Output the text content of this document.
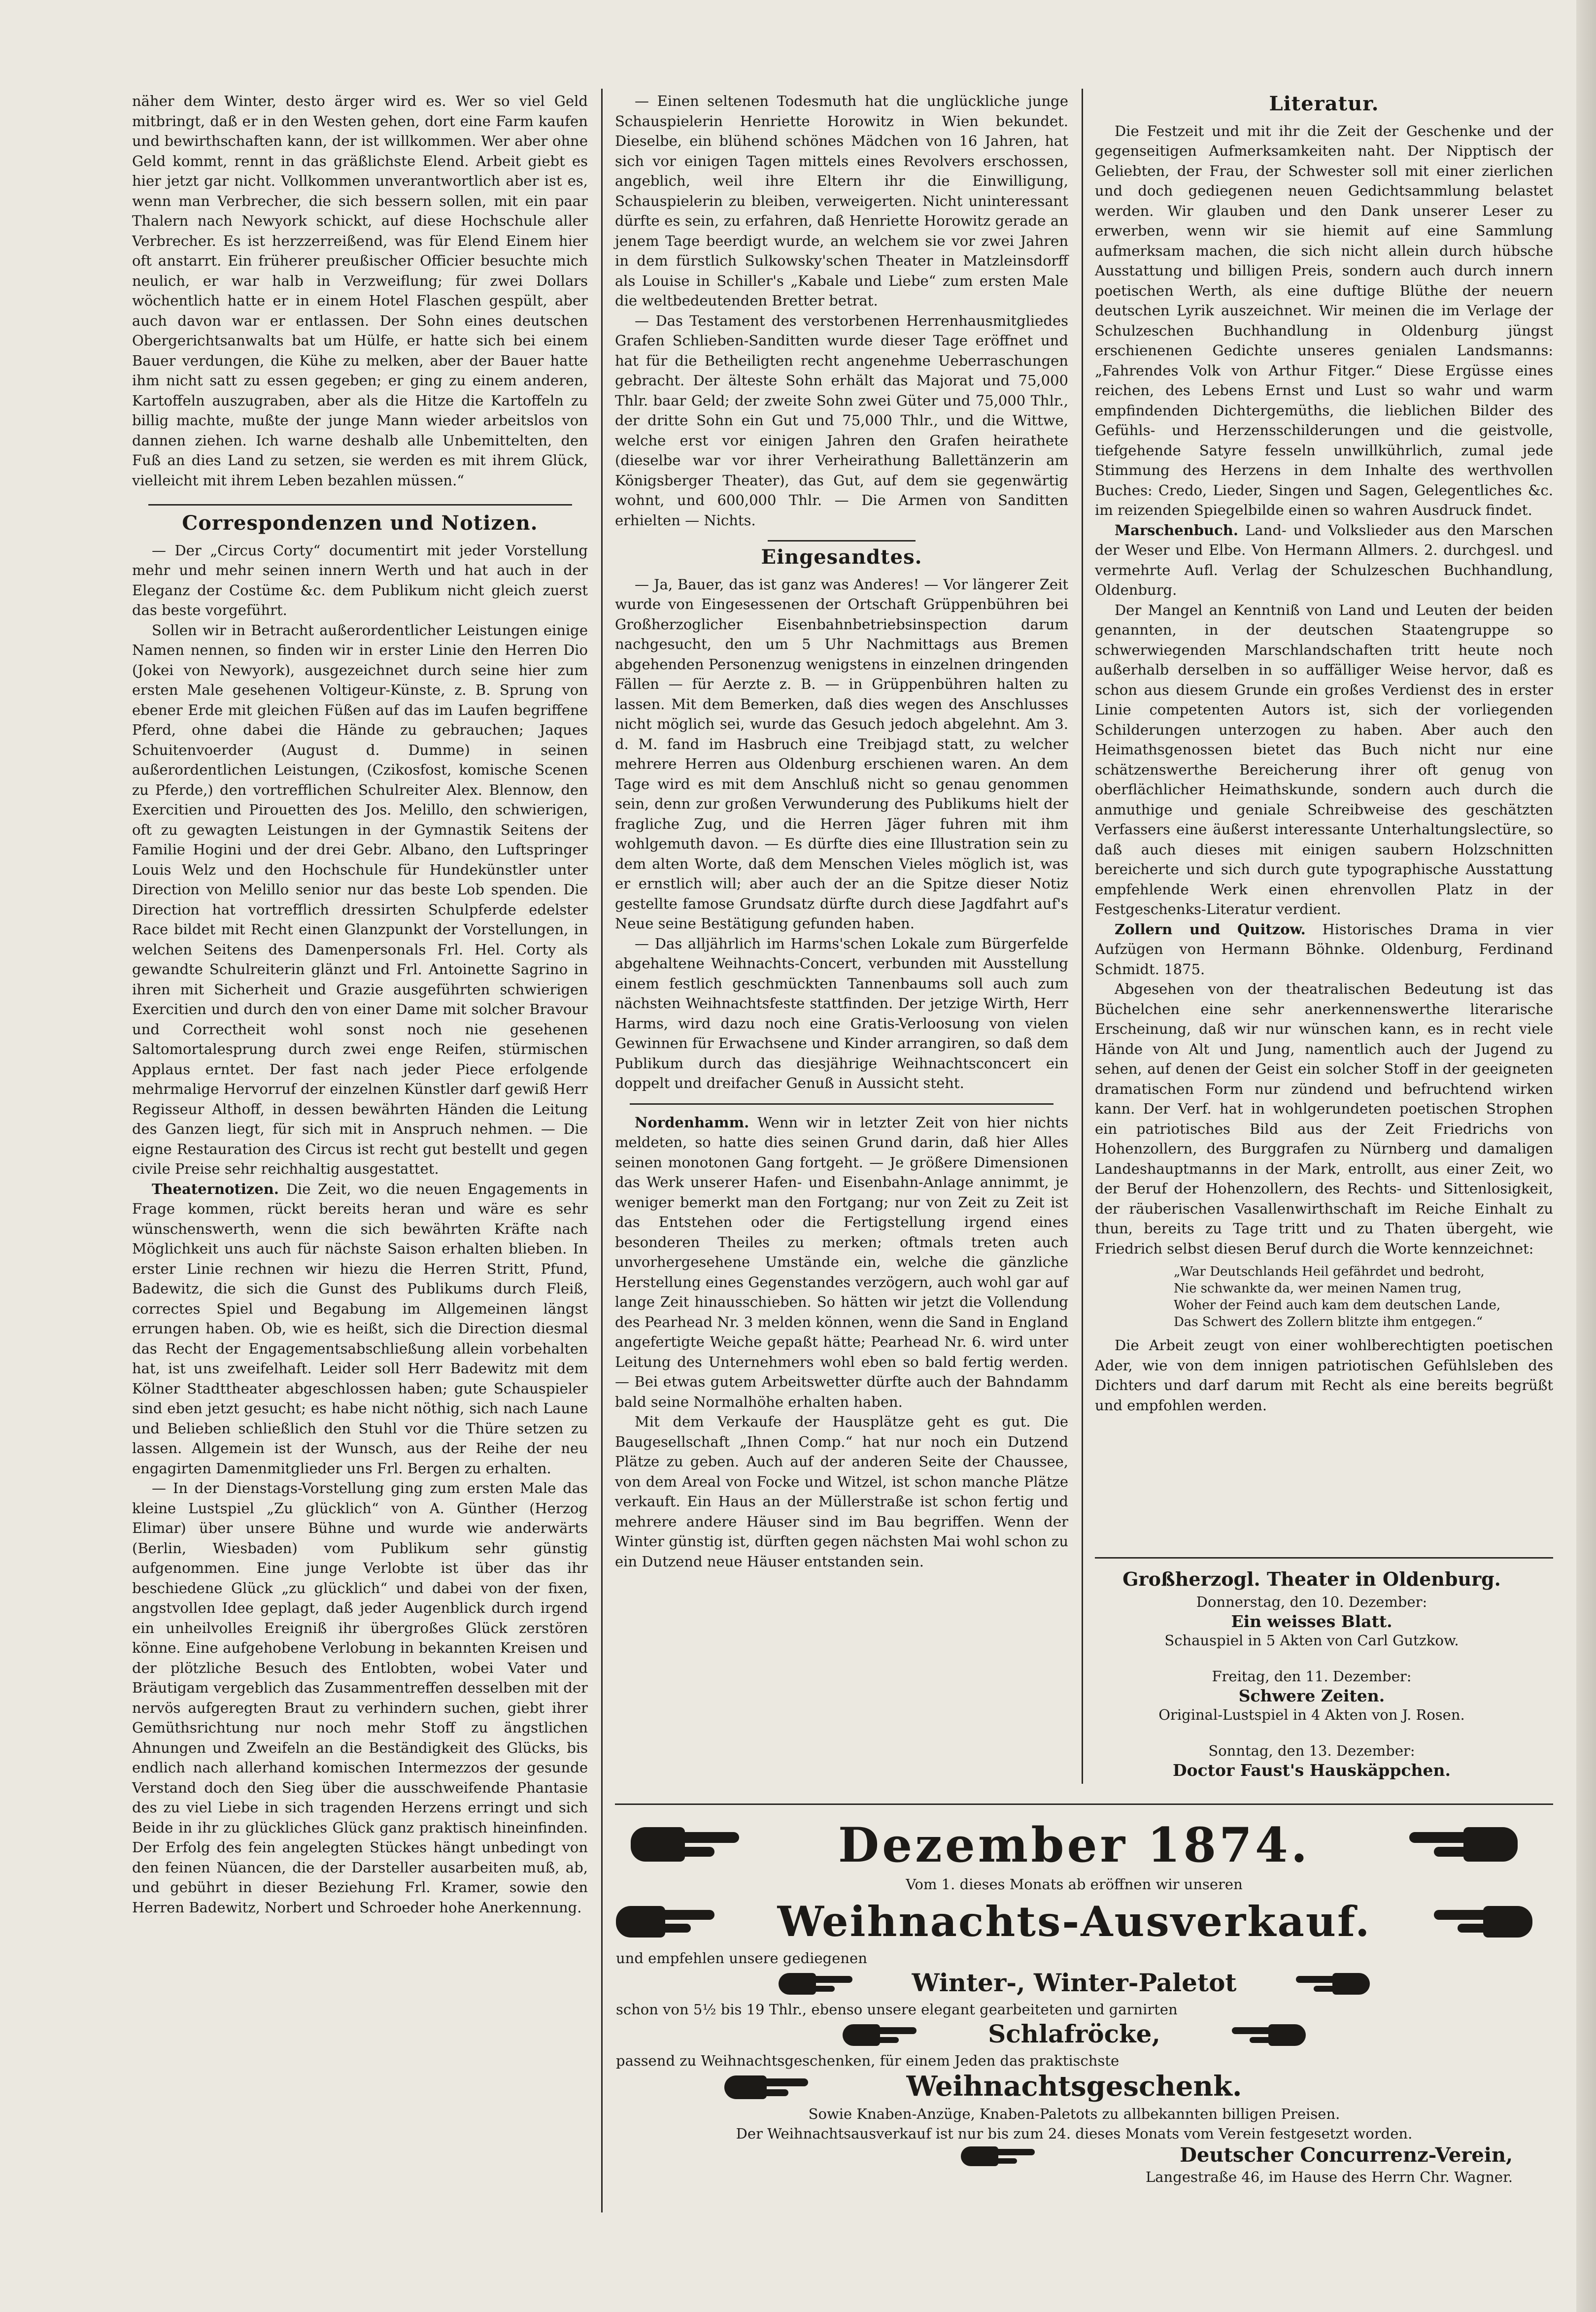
näher dem Winter, desto ärger wird es. Wer so viel Geld mitbringt, daß er in den Westen gehen, dort eine Farm kaufen und bewirthschaften kann, der ist willkommen. Wer aber ohne Geld kommt, rennt in das gräßlichste Elend. Arbeit giebt es hier jetzt gar nicht. Vollkommen unverantwortlich aber ist es, wenn man Verbrecher, die sich bessern sollen, mit ein paar Thalern nach Newyork schickt, auf diese Hochschule aller Verbrecher. Es ist herzzerreißend, was für Elend Einem hier oft anstarrt. Ein früherer preußischer Officier besuchte mich neulich, er war halb in Verzweiflung; für zwei Dollars wöchentlich hatte er in einem Hotel Flaschen gespült, aber auch davon war er entlassen. Der Sohn eines deutschen Obergerichtsanwalts bat um Hülfe, er hatte sich bei einem Bauer verdungen, die Kühe zu melken, aber der Bauer hatte ihm nicht satt zu essen gegeben; er ging zu einem anderen, Kartoffeln auszugraben, aber als die Hitze die Kartoffeln zu billig machte, mußte der junge Mann wieder arbeitslos von dannen ziehen. Ich warne deshalb alle Unbemittelten, den Fuß an dies Land zu setzen, sie werden es mit ihrem Glück, vielleicht mit ihrem Leben bezahlen müssen.“

Correspondenzen und Notizen.

— Der „Circus Corty“ documentirt mit jeder Vorstellung mehr und mehr seinen innern Werth und hat auch in der Eleganz der Costüme &c. dem Publikum nicht gleich zuerst das beste vorgeführt.

Sollen wir in Betracht außerordentlicher Leistungen einige Namen nennen, so finden wir in erster Linie den Herren Dio (Jokei von Newyork), ausgezeichnet durch seine hier zum ersten Male gesehenen Voltigeur-Künste, z. B. Sprung von ebener Erde mit gleichen Füßen auf das im Laufen begriffene Pferd, ohne dabei die Hände zu gebrauchen; Jaques Schuitenvoerder (August d. Dumme) in seinen außerordentlichen Leistungen, (Czikosfost, komische Scenen zu Pferde,) den vortrefflichen Schulreiter Alex. Blennow, den Exercitien und Pirouetten des Jos. Melillo, den schwierigen, oft zu gewagten Leistungen in der Gymnastik Seitens der Familie Hogini und der drei Gebr. Albano, den Luftspringer Louis Welz und den Hochschule für Hundekünstler unter Direction von Melillo senior nur das beste Lob spenden. Die Direction hat vortrefflich dressirten Schulpferde edelster Race bildet mit Recht einen Glanzpunkt der Vorstellungen, in welchen Seitens des Damenpersonals Frl. Hel. Corty als gewandte Schulreiterin glänzt und Frl. Antoinette Sagrino in ihren mit Sicherheit und Grazie ausgeführten schwierigen Exercitien und durch den von einer Dame mit solcher Bravour und Correctheit wohl sonst noch nie gesehenen Saltomortalesprung durch zwei enge Reifen, stürmischen Applaus erntet. Der fast nach jeder Piece erfolgende mehrmalige Hervorruf der einzelnen Künstler darf gewiß Herr Regisseur Althoff, in dessen bewährten Händen die Leitung des Ganzen liegt, für sich mit in Anspruch nehmen. — Die eigne Restauration des Circus ist recht gut bestellt und gegen civile Preise sehr reichhaltig ausgestattet.

Theaternotizen. Die Zeit, wo die neuen Engagements in Frage kommen, rückt bereits heran und wäre es sehr wünschenswerth, wenn die sich bewährten Kräfte nach Möglichkeit uns auch für nächste Saison erhalten blieben. In erster Linie rechnen wir hiezu die Herren Stritt, Pfund, Badewitz, die sich die Gunst des Publikums durch Fleiß, correctes Spiel und Begabung im Allgemeinen längst errungen haben. Ob, wie es heißt, sich die Direction diesmal das Recht der Engagementsabschließung allein vorbehalten hat, ist uns zweifelhaft. Leider soll Herr Badewitz mit dem Kölner Stadttheater abgeschlossen haben; gute Schauspieler sind eben jetzt gesucht; es habe nicht nöthig, sich nach Laune und Belieben schließlich den Stuhl vor die Thüre setzen zu lassen. Allgemein ist der Wunsch, aus der Reihe der neu engagirten Damenmitglieder uns Frl. Bergen zu erhalten.

— In der Dienstags-Vorstellung ging zum ersten Male das kleine Lustspiel „Zu glücklich“ von A. Günther (Herzog Elimar) über unsere Bühne und wurde wie anderwärts (Berlin, Wiesbaden) vom Publikum sehr günstig aufgenommen. Eine junge Verlobte ist über das ihr beschiedene Glück „zu glücklich“ und dabei von der fixen, angstvollen Idee geplagt, daß jeder Augenblick durch irgend ein unheilvolles Ereigniß ihr übergroßes Glück zerstören könne. Eine aufgehobene Verlobung in bekannten Kreisen und der plötzliche Besuch des Entlobten, wobei Vater und Bräutigam vergeblich das Zusammentreffen desselben mit der nervös aufgeregten Braut zu verhindern suchen, giebt ihrer Gemüthsrichtung nur noch mehr Stoff zu ängstlichen Ahnungen und Zweifeln an die Beständigkeit des Glücks, bis endlich nach allerhand komischen Intermezzos der gesunde Verstand doch den Sieg über die ausschweifende Phantasie des zu viel Liebe in sich tragenden Herzens erringt und sich Beide in ihr zu glückliches Glück ganz praktisch hineinfinden. Der Erfolg des fein angelegten Stückes hängt unbedingt von den feinen Nüancen, die der Darsteller ausarbeiten muß, ab, und gebührt in dieser Beziehung Frl. Kramer, sowie den Herren Badewitz, Norbert und Schroeder hohe Anerkennung.

— Einen seltenen Todesmuth hat die unglückliche junge Schauspielerin Henriette Horowitz in Wien bekundet. Dieselbe, ein blühend schönes Mädchen von 16 Jahren, hat sich vor einigen Tagen mittels eines Revolvers erschossen, angeblich, weil ihre Eltern ihr die Einwilligung, Schauspielerin zu bleiben, verweigerten. Nicht uninteressant dürfte es sein, zu erfahren, daß Henriette Horowitz gerade an jenem Tage beerdigt wurde, an welchem sie vor zwei Jahren in dem fürstlich Sulkowsky'schen Theater in Matzleinsdorff als Louise in Schiller's „Kabale und Liebe“ zum ersten Male die weltbedeutenden Bretter betrat.

— Das Testament des verstorbenen Herrenhausmitgliedes Grafen Schlieben-Sanditten wurde dieser Tage eröffnet und hat für die Betheiligten recht angenehme Ueberraschungen gebracht. Der älteste Sohn erhält das Majorat und 75,000 Thlr. baar Geld; der zweite Sohn zwei Güter und 75,000 Thlr., der dritte Sohn ein Gut und 75,000 Thlr., und die Wittwe, welche erst vor einigen Jahren den Grafen heirathete (dieselbe war vor ihrer Verheirathung Ballettänzerin am Königsberger Theater), das Gut, auf dem sie gegenwärtig wohnt, und 600,000 Thlr. — Die Armen von Sanditten erhielten — Nichts.

Eingesandtes.

— Ja, Bauer, das ist ganz was Anderes! — Vor längerer Zeit wurde von Eingesessenen der Ortschaft Grüppenbühren bei Großherzoglicher Eisenbahnbetriebsinspection darum nachgesucht, den um 5 Uhr Nachmittags aus Bremen abgehenden Personenzug wenigstens in einzelnen dringenden Fällen — für Aerzte z. B. — in Grüppenbühren halten zu lassen. Mit dem Bemerken, daß dies wegen des Anschlusses nicht möglich sei, wurde das Gesuch jedoch abgelehnt. Am 3. d. M. fand im Hasbruch eine Treibjagd statt, zu welcher mehrere Herren aus Oldenburg erschienen waren. An dem Tage wird es mit dem Anschluß nicht so genau genommen sein, denn zur großen Verwunderung des Publikums hielt der fragliche Zug, und die Herren Jäger fuhren mit ihm wohlgemuth davon. — Es dürfte dies eine Illustration sein zu dem alten Worte, daß dem Menschen Vieles möglich ist, was er ernstlich will; aber auch der an die Spitze dieser Notiz gestellte famose Grundsatz dürfte durch diese Jagdfahrt auf's Neue seine Bestätigung gefunden haben.

— Das alljährlich im Harms'schen Lokale zum Bürgerfelde abgehaltene Weihnachts-Concert, verbunden mit Ausstellung einem festlich geschmückten Tannenbaums soll auch zum nächsten Weihnachtsfeste stattfinden. Der jetzige Wirth, Herr Harms, wird dazu noch eine Gratis-Verloosung von vielen Gewinnen für Erwachsene und Kinder arrangiren, so daß dem Publikum durch das diesjährige Weihnachtsconcert ein doppelt und dreifacher Genuß in Aussicht steht.

Nordenhamm. Wenn wir in letzter Zeit von hier nichts meldeten, so hatte dies seinen Grund darin, daß hier Alles seinen monotonen Gang fortgeht. — Je größere Dimensionen das Werk unserer Hafen- und Eisenbahn-Anlage annimmt, je weniger bemerkt man den Fortgang; nur von Zeit zu Zeit ist das Entstehen oder die Fertigstellung irgend eines besonderen Theiles zu merken; oftmals treten auch unvorhergesehene Umstände ein, welche die gänzliche Herstellung eines Gegenstandes verzögern, auch wohl gar auf lange Zeit hinausschieben. So hätten wir jetzt die Vollendung des Pearhead Nr. 3 melden können, wenn die Sand in England angefertigte Weiche gepaßt hätte; Pearhead Nr. 6. wird unter Leitung des Unternehmers wohl eben so bald fertig werden. — Bei etwas gutem Arbeitswetter dürfte auch der Bahndamm bald seine Normalhöhe erhalten haben.

Mit dem Verkaufe der Hausplätze geht es gut. Die Baugesellschaft „Ihnen Comp.“ hat nur noch ein Dutzend Plätze zu geben. Auch auf der anderen Seite der Chaussee, von dem Areal von Focke und Witzel, ist schon manche Plätze verkauft. Ein Haus an der Müllerstraße ist schon fertig und mehrere andere Häuser sind im Bau begriffen. Wenn der Winter günstig ist, dürften gegen nächsten Mai wohl schon zu ein Dutzend neue Häuser entstanden sein.

Literatur.

Die Festzeit und mit ihr die Zeit der Geschenke und der gegenseitigen Aufmerksamkeiten naht. Der Nipptisch der Geliebten, der Frau, der Schwester soll mit einer zierlichen und doch gediegenen neuen Gedichtsammlung belastet werden. Wir glauben und den Dank unserer Leser zu erwerben, wenn wir sie hiemit auf eine Sammlung aufmerksam machen, die sich nicht allein durch hübsche Ausstattung und billigen Preis, sondern auch durch innern poetischen Werth, als eine duftige Blüthe der neuern deutschen Lyrik auszeichnet. Wir meinen die im Verlage der Schulzeschen Buchhandlung in Oldenburg jüngst erschienenen Gedichte unseres genialen Landsmanns: „Fahrendes Volk von Arthur Fitger.“ Diese Ergüsse eines reichen, des Lebens Ernst und Lust so wahr und warm empfindenden Dichtergemüths, die lieblichen Bilder des Gefühls- und Herzensschilderungen und die geistvolle, tiefgehende Satyre fesseln unwillkührlich, zumal jede Stimmung des Herzens in dem Inhalte des werthvollen Buches: Credo, Lieder, Singen und Sagen, Gelegentliches &c. im reizenden Spiegelbilde einen so wahren Ausdruck findet.

Marschenbuch. Land- und Volkslieder aus den Marschen der Weser und Elbe. Von Hermann Allmers. 2. durchgesl. und vermehrte Aufl. Verlag der Schulzeschen Buchhandlung, Oldenburg.

Der Mangel an Kenntniß von Land und Leuten der beiden genannten, in der deutschen Staatengruppe so schwerwiegenden Marschlandschaften tritt heute noch außerhalb derselben in so auffälliger Weise hervor, daß es schon aus diesem Grunde ein großes Verdienst des in erster Linie competenten Autors ist, sich der vorliegenden Schilderungen unterzogen zu haben. Aber auch den Heimathsgenossen bietet das Buch nicht nur eine schätzenswerthe Bereicherung ihrer oft genug von oberflächlicher Heimathskunde, sondern auch durch die anmuthige und geniale Schreibweise des geschätzten Verfassers eine äußerst interessante Unterhaltungslectüre, so daß auch dieses mit einigen saubern Holzschnitten bereicherte und sich durch gute typographische Ausstattung empfehlende Werk einen ehrenvollen Platz in der Festgeschenks-Literatur verdient.

Zollern und Quitzow. Historisches Drama in vier Aufzügen von Hermann Böhnke. Oldenburg, Ferdinand Schmidt. 1875.

Abgesehen von der theatralischen Bedeutung ist das Büchelchen eine sehr anerkennenswerthe literarische Erscheinung, daß wir nur wünschen kann, es in recht viele Hände von Alt und Jung, namentlich auch der Jugend zu sehen, auf denen der Geist ein solcher Stoff in der geeigneten dramatischen Form nur zündend und befruchtend wirken kann. Der Verf. hat in wohlgerundeten poetischen Strophen ein patriotisches Bild aus der Zeit Friedrichs von Hohenzollern, des Burggrafen zu Nürnberg und damaligen Landeshauptmanns in der Mark, entrollt, aus einer Zeit, wo der Beruf der Hohenzollern, des Rechts- und Sittenlosigkeit, der räuberischen Vasallenwirthschaft im Reiche Einhalt zu thun, bereits zu Tage tritt und zu Thaten übergeht, wie Friedrich selbst diesen Beruf durch die Worte kennzeichnet:

„War Deutschlands Heil gefährdet und bedroht,
Nie schwankte da, wer meinen Namen trug,
Woher der Feind auch kam dem deutschen Lande,
Das Schwert des Zollern blitzte ihm entgegen.“

Die Arbeit zeugt von einer wohlberechtigten poetischen Ader, wie von dem innigen patriotischen Gefühlsleben des Dichters und darf darum mit Recht als eine bereits begrüßt und empfohlen werden.

Großherzogl. Theater in Oldenburg.
Donnerstag, den 10. Dezember:
Ein weisses Blatt.
Schauspiel in 5 Akten von Carl Gutzkow.
Freitag, den 11. Dezember:
Schwere Zeiten.
Original-Lustspiel in 4 Akten von J. Rosen.
Sonntag, den 13. Dezember:
Doctor Faust's Hauskäppchen.
Dezember 1874.
Vom 1. dieses Monats ab eröffnen wir unseren
Weihnachts-Ausverkauf.
und empfehlen unsere gediegenen
Winter-, Winter-Paletot
schon von 5½ bis 19 Thlr., ebenso unsere elegant gearbeiteten und garnirten
Schlafröcke,
passend zu Weihnachtsgeschenken, für einem Jeden das praktischste
Weihnachtsgeschenk.
Sowie Knaben-Anzüge, Knaben-Paletots zu allbekannten billigen Preisen.
Der Weihnachtsausverkauf ist nur bis zum 24. dieses Monats vom Verein festgesetzt worden.
Deutscher Concurrenz-Verein,
Langestraße 46, im Hause des Herrn Chr. Wagner.
